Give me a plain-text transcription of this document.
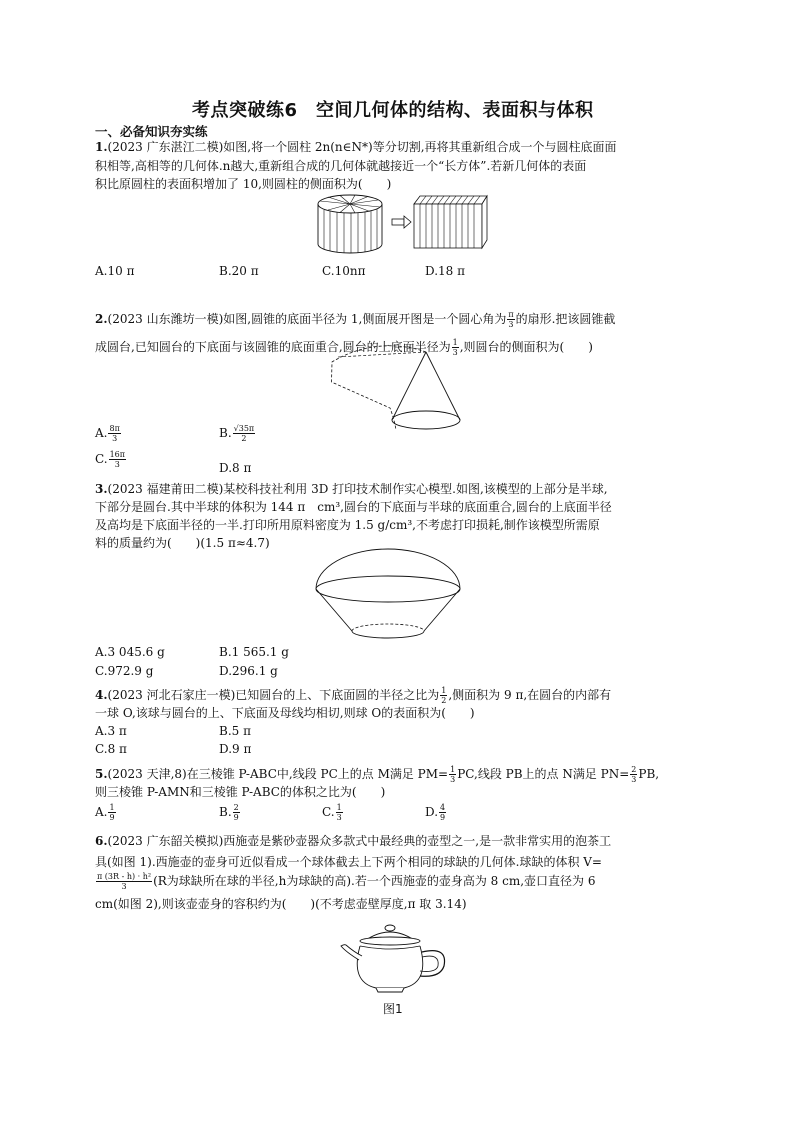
考点突破练6　空间几何体的结构、表面积与体积
一、必备知识夯实练
1.(2023 广东湛江二模)如图,将一个圆柱 2n(n∈N*)等分切割,再将其重新组合成一个与圆柱底面面
积相等,高相等的几何体.n越大,重新组合成的几何体就越接近一个“长方体”.若新几何体的表面
积比原圆柱的表面积增加了 10,则圆柱的侧面积为(　　)
A.10 π	B.20 π	C.10nπ	D.18 π
2.(2023 山东潍坊一模)如图,圆锥的底面半径为 1,侧面展开图是一个圆心角为 $\frac{\pi}{3}$ 的扇形.把该圆锥截
成圆台,已知圆台的下底面与该圆锥的底面重合,圆台的上底面半径为 $\frac{1}{3}$ ,则圆台的侧面积为(　　)
A. $\frac{8\pi}{3}$	B. $\frac{√35\pi}{2}$
C. $\frac{16\pi}{3}$	D.8 π
3.(2023 福建莆田二模)某校科技社利用 3D 打印技术制作实心模型.如图,该模型的上部分是半球,
下部分是圆台.其中半球的体积为 144 π　cm³,圆台的下底面与半球的底面重合,圆台的上底面半径
及高均是下底面半径的一半.打印所用原料密度为 1.5 g/cm³,不考虑打印损耗,制作该模型所需原
料的质量约为(　　)(1.5 π≈4.7)
A.3 045.6 g	B.1 565.1 g
C.972.9 g	D.296.1 g
4.(2023 河北石家庄一模)已知圆台的上、下底面圆的半径之比为 $\frac{1}{2}$ ,侧面积为 9 π,在圆台的内部有
一球 O,该球与圆台的上、下底面及母线均相切,则球 O的表面积为(　　)
A.3 π	B.5 π
C.8 π	D.9 π
5.(2023 天津,8)在三棱锥 P-ABC中,线段 PC上的点 M满足 $PM= \frac{1}{3}$ PC,线段 PB上的点 N满足 $PN= \frac{2}{3}$ PB,
则三棱锥 P-AMN和三棱锥 P-ABC的体积之比为(　　)
A. $\frac{1}{9}$	B. $\frac{2}{9}$	C. $\frac{1}{3}$	D. $\frac{4}{9}$
6.(2023 广东韶关模拟)西施壶是紫砂壶器众多款式中最经典的壶型之一,是一款非常实用的泡茶工
具(如图 1).西施壶的壶身可近似看成一个球体截去上下两个相同的球缺的几何体.球缺的体积 V=
$\frac{\text{π (3R - h) · h²}}{3} (R$为球缺所在球的半径,h为球缺的高).若一个西施壶的壶身高为 8 cm,壶口直径为 6
cm(如图 2),则该壶壶身的容积约为(　　)(不考虑壶壁厚度,π 取 3.14)
图1
